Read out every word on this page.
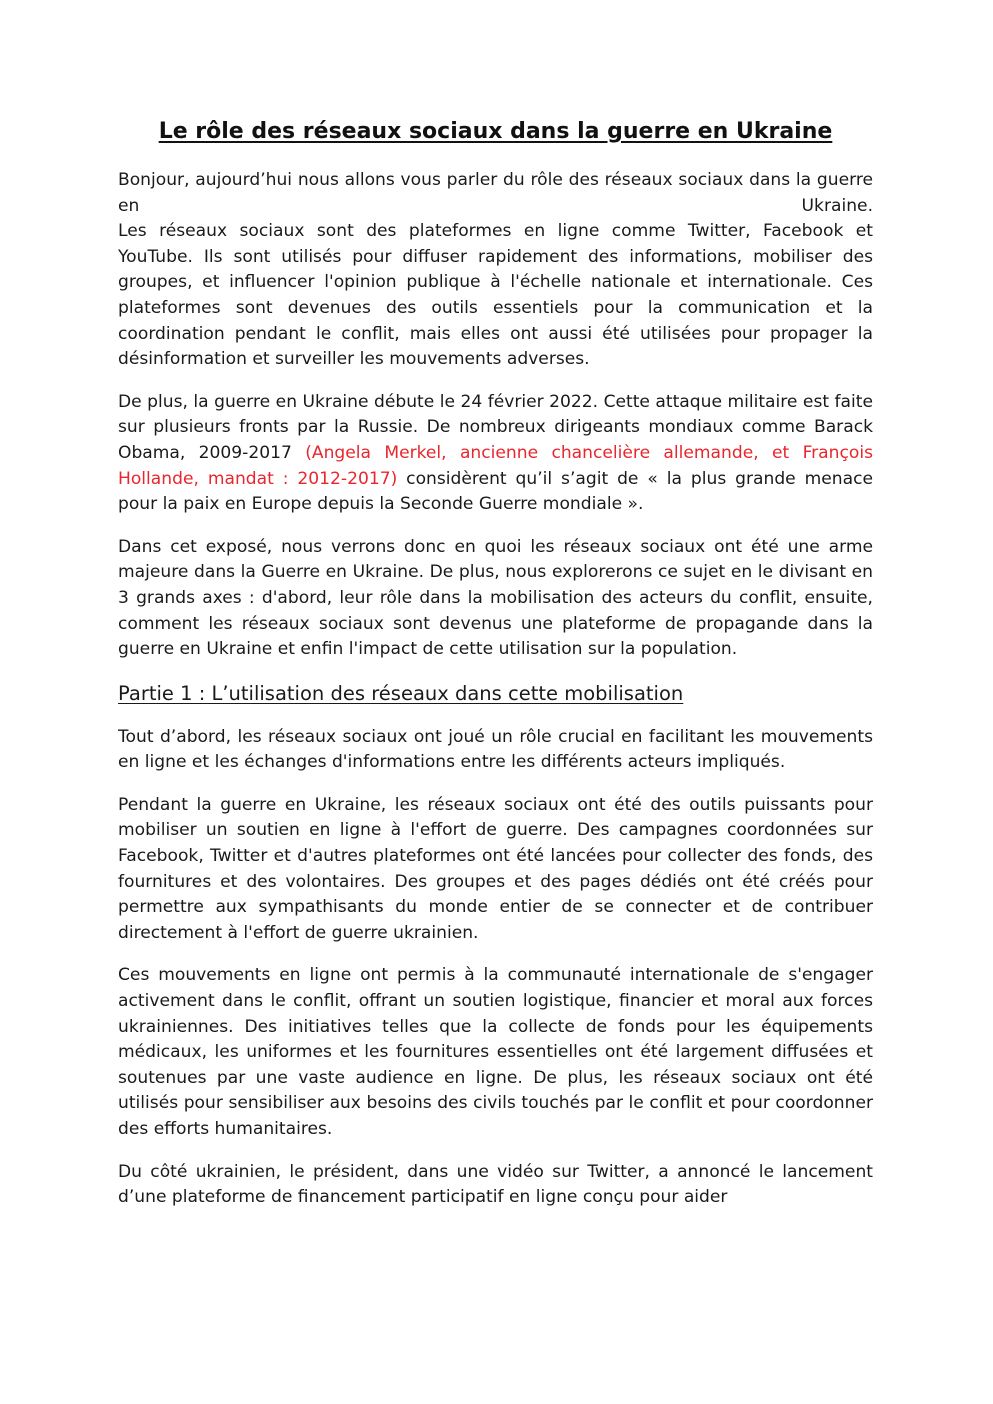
Le rôle des réseaux sociaux dans la guerre en Ukraine

Bonjour, aujourd’hui nous allons vous parler du rôle des réseaux sociaux dans la guerre en Ukraine.
Les réseaux sociaux sont des plateformes en ligne comme Twitter, Facebook et YouTube. Ils sont utilisés pour diffuser rapidement des informations, mobiliser des groupes, et influencer l'opinion publique à l'échelle nationale et internationale. Ces plateformes sont devenues des outils essentiels pour la communication et la coordination pendant le conflit, mais elles ont aussi été utilisées pour propager la désinformation et surveiller les mouvements adverses.

De plus, la guerre en Ukraine débute le 24 février 2022. Cette attaque militaire est faite sur plusieurs fronts par la Russie. De nombreux dirigeants mondiaux comme Barack Obama, 2009-2017 (Angela Merkel, ancienne chancelière allemande, et François Hollande, mandat : 2012-2017) considèrent qu’il s’agit de « la plus grande menace pour la paix en Europe depuis la Seconde Guerre mondiale ».

Dans cet exposé, nous verrons donc en quoi les réseaux sociaux ont été une arme majeure dans la Guerre en Ukraine. De plus, nous explorerons ce sujet en le divisant en 3 grands axes : d'abord, leur rôle dans la mobilisation des acteurs du conflit, ensuite, comment les réseaux sociaux sont devenus une plateforme de propagande dans la guerre en Ukraine et enfin l'impact de cette utilisation sur la population.

Partie 1 : L’utilisation des réseaux dans cette mobilisation

Tout d’abord, les réseaux sociaux ont joué un rôle crucial en facilitant les mouvements en ligne et les échanges d'informations entre les différents acteurs impliqués.

Pendant la guerre en Ukraine, les réseaux sociaux ont été des outils puissants pour mobiliser un soutien en ligne à l'effort de guerre. Des campagnes coordonnées sur Facebook, Twitter et d'autres plateformes ont été lancées pour collecter des fonds, des fournitures et des volontaires. Des groupes et des pages dédiés ont été créés pour permettre aux sympathisants du monde entier de se connecter et de contribuer directement à l'effort de guerre ukrainien.

Ces mouvements en ligne ont permis à la communauté internationale de s'engager activement dans le conflit, offrant un soutien logistique, financier et moral aux forces ukrainiennes. Des initiatives telles que la collecte de fonds pour les équipements médicaux, les uniformes et les fournitures essentielles ont été largement diffusées et soutenues par une vaste audience en ligne. De plus, les réseaux sociaux ont été utilisés pour sensibiliser aux besoins des civils touchés par le conflit et pour coordonner des efforts humanitaires.

Du côté ukrainien, le président, dans une vidéo sur Twitter, a annoncé le lancement d’une plateforme de financement participatif en ligne conçu pour aider
